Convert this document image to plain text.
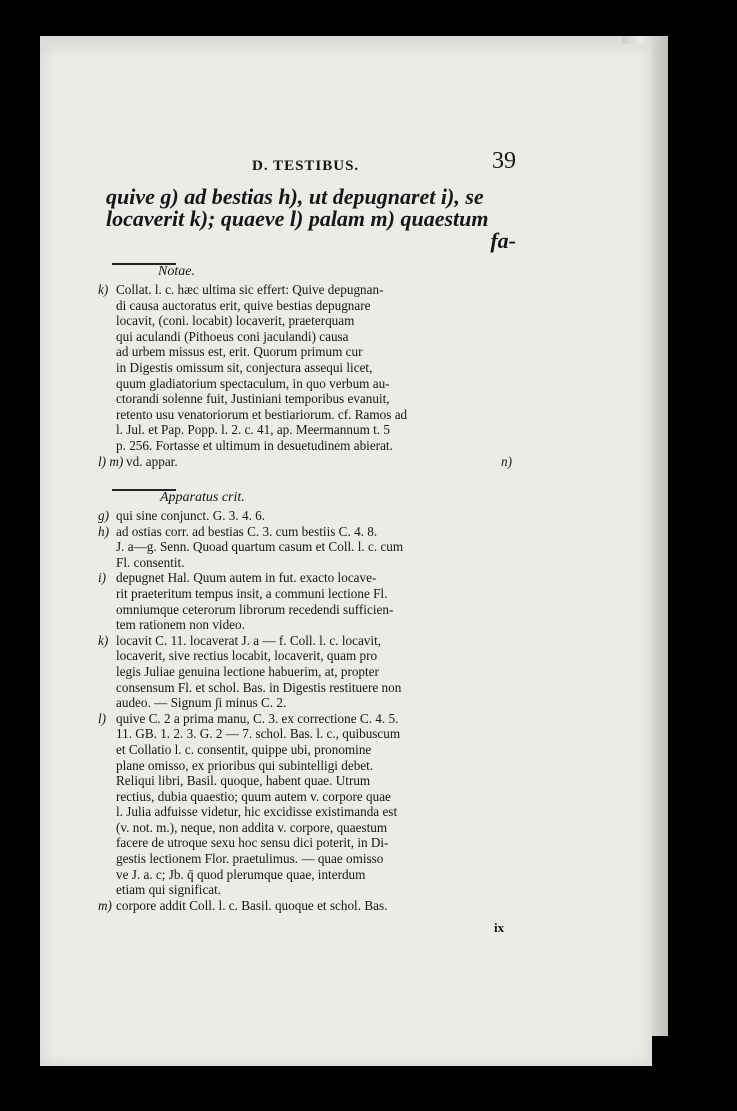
D. TESTIBUS.	39
quive g) ad bestias h), ut depugnaret i), se
locaverit k); quaeve l) palam m) quaestum
fa-
Notae.
k) Collat. l. c. hæc ultima sic effert: Quive depugnan-
di causa auctoratus erit, quive bestias depugnare
locavit, (coni. locabit) locaverit, praeterquam
qui aculandi (Pithoeus coni jaculandi) causa
ad urbem missus est, erit. Quorum primum cur
in Digestis omissum sit, conjectura assequi licet,
quum gladiatorium spectaculum, in quo verbum au-
ctorandi solenne fuit, Justiniani temporibus evanuit,
retento usu venatoriorum et bestiariorum. cf. Ramos ad
l. Jul. et Pap. Popp. l. 2. c. 41, ap. Meermannum t. 5
p. 256. Fortasse et ultimum in desuetudinem abierat.
l) m) vd. appar.	n)
Apparatus crit.
g) qui sine conjunct. G. 3. 4. 6.
h) ad ostias corr. ad bestias C. 3. cum bestiis C. 4. 8.
J. a—g. Senn. Quoad quartum casum et Coll. l. c. cum
Fl. consentit.
i) depugnet Hal. Quum autem in fut. exacto locave-
rit praeteritum tempus insit, a communi lectione Fl.
omniumque ceterorum librorum recedendi sufficien-
tem rationem non video.
k) locavit C. 11. locaverat J. a — f. Coll. l. c. locavit,
locaverit, sive rectius locabit, locaverit, quam pro
legis Juliae genuina lectione habuerim, at, propter
consensum Fl. et schol. Bas. in Digestis restituere non
audeo. — Signum ∫i minus C. 2.
l) quive C. 2 a prima manu, C. 3. ex correctione C. 4. 5.
11. GB. 1. 2. 3. G. 2 — 7. schol. Bas. l. c., quibuscum
et Collatio l. c. consentit, quippe ubi, pronomine
plane omisso, ex prioribus qui subintelligi debet.
Reliqui libri, Basil. quoque, habent quae. Utrum
rectius, dubia quaestio; quum autem v. corpore quae
l. Julia adfuisse videtur, hic excidisse existimanda est
(v. not. m.), neque, non addita v. corpore, quaestum
facere de utroque sexu hoc sensu dici poterit, in Di-
gestis lectionem Flor. praetulimus. — quae omisso
ve J. a. c; Jb. q̄ quod plerumque quae, interdum
etiam qui significat.
m) corpore addit Coll. l. c. Basil. quoque et schol. Bas.
ix
